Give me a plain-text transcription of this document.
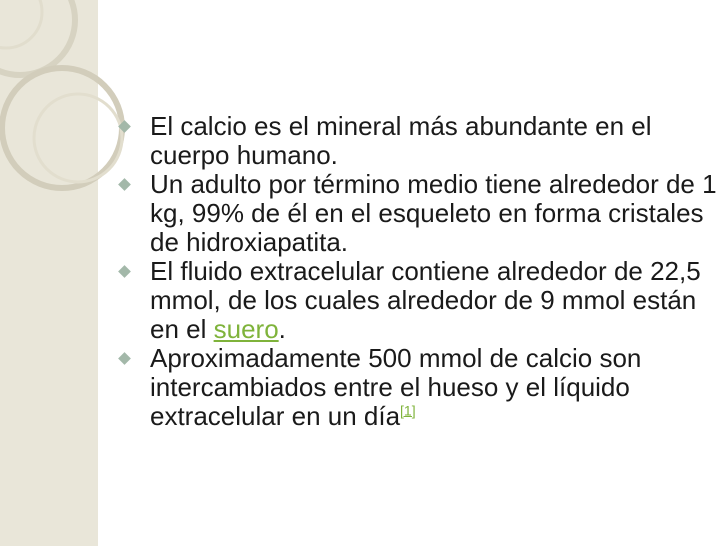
El calcio es el mineral más abundante en el cuerpo humano.
Un adulto por término medio tiene alrededor de 1 kg, 99% de él en el esqueleto en forma cristales de hidroxiapatita.
El fluido extracelular contiene alrededor de 22,5 mmol, de los cuales alrededor de 9 mmol están en el suero.
Aproximadamente 500 mmol de calcio son intercambiados entre el hueso y el líquido extracelular en un día[1]
